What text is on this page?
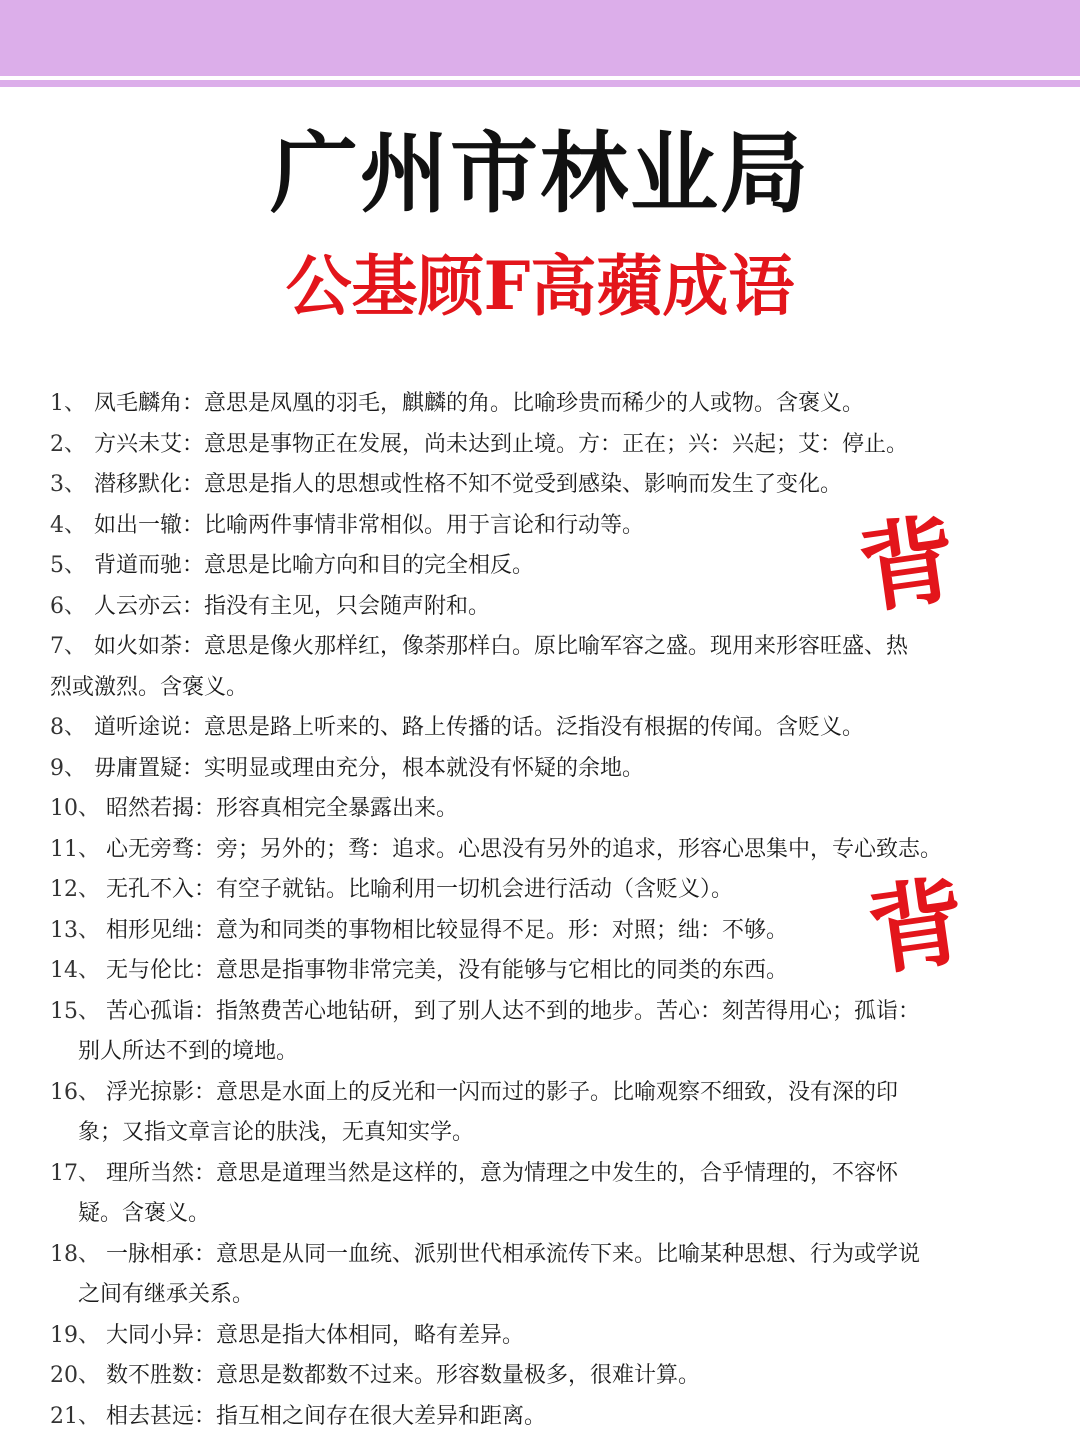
广州市林业局
公基顾F高蘋成语
1、 凤毛麟角：意思是凤凰的羽毛，麒麟的角。比喻珍贵而稀少的人或物。含褒义。
2、 方兴未艾：意思是事物正在发展，尚未达到止境。方：正在；兴：兴起；艾：停止。
3、 潜移默化：意思是指人的思想或性格不知不觉受到感染、影响而发生了变化。
4、 如出一辙：比喻两件事情非常相似。用于言论和行动等。
5、 背道而驰：意思是比喻方向和目的完全相反。
6、 人云亦云：指没有主见，只会随声附和。
7、 如火如荼：意思是像火那样红，像荼那样白。原比喻军容之盛。现用来形容旺盛、热
烈或激烈。含褒义。
8、 道听途说：意思是路上听来的、路上传播的话。泛指没有根据的传闻。含贬义。
9、 毋庸置疑：实明显或理由充分，根本就没有怀疑的余地。
10、 昭然若揭：形容真相完全暴露出来。
11、 心无旁骛：旁；另外的；骛：追求。心思没有另外的追求，形容心思集中，专心致志。
12、 无孔不入：有空子就钻。比喻利用一切机会进行活动（含贬义）。
13、 相形见绌：意为和同类的事物相比较显得不足。形：对照；绌：不够。
14、 无与伦比：意思是指事物非常完美，没有能够与它相比的同类的东西。
15、 苦心孤诣：指煞费苦心地钻研，到了别人达不到的地步。苦心：刻苦得用心；孤诣：
别人所达不到的境地。
16、 浮光掠影：意思是水面上的反光和一闪而过的影子。比喻观察不细致，没有深的印
象；又指文章言论的肤浅，无真知实学。
17、 理所当然：意思是道理当然是这样的，意为情理之中发生的，合乎情理的，不容怀
疑。含褒义。
18、 一脉相承：意思是从同一血统、派别世代相承流传下来。比喻某种思想、行为或学说
之间有继承关系。
19、 大同小异：意思是指大体相同，略有差异。
20、 数不胜数：意思是数都数不过来。形容数量极多，很难计算。
21、 相去甚远：指互相之间存在很大差异和距离。
背
背
